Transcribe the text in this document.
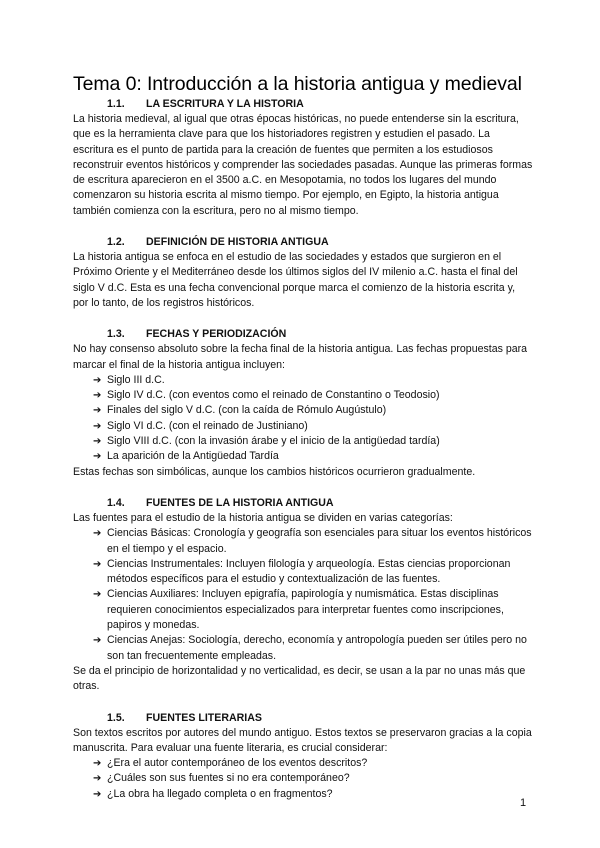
Tema 0: Introducción a la historia antigua y medieval
1.1.	LA ESCRITURA Y LA HISTORIA

La historia medieval, al igual que otras épocas históricas, no puede entenderse sin la escritura, que es la herramienta clave para que los historiadores registren y estudien el pasado. La escritura es el punto de partida para la creación de fuentes que permiten a los estudiosos reconstruir eventos históricos y comprender las sociedades pasadas. Aunque las primeras formas de escritura aparecieron en el 3500 a.C. en Mesopotamia, no todos los lugares del mundo comenzaron su historia escrita al mismo tiempo. Por ejemplo, en Egipto, la historia antigua también comienza con la escritura, pero no al mismo tiempo.

1.2.	DEFINICIÓN DE HISTORIA ANTIGUA

La historia antigua se enfoca en el estudio de las sociedades y estados que surgieron en el Próximo Oriente y el Mediterráneo desde los últimos siglos del IV milenio a.C. hasta el final del siglo V d.C. Esta es una fecha convencional porque marca el comienzo de la historia escrita y, por lo tanto, de los registros históricos.

1.3.	FECHAS Y PERIODIZACIÓN

No hay consenso absoluto sobre la fecha final de la historia antigua. Las fechas propuestas para marcar el final de la historia antigua incluyen:

➔ Siglo III d.C.
➔ Siglo IV d.C. (con eventos como el reinado de Constantino o Teodosio)
➔ Finales del siglo V d.C. (con la caída de Rómulo Augústulo)
➔ Siglo VI d.C. (con el reinado de Justiniano)
➔ Siglo VIII d.C. (con la invasión árabe y el inicio de la antigüedad tardía)
➔ La aparición de la Antigüedad Tardía

Estas fechas son simbólicas, aunque los cambios históricos ocurrieron gradualmente.

1.4.	FUENTES DE LA HISTORIA ANTIGUA

Las fuentes para el estudio de la historia antigua se dividen en varias categorías:

➔ Ciencias Básicas: Cronología y geografía son esenciales para situar los eventos históricos en el tiempo y el espacio.
➔ Ciencias Instrumentales: Incluyen filología y arqueología. Estas ciencias proporcionan métodos específicos para el estudio y contextualización de las fuentes.
➔ Ciencias Auxiliares: Incluyen epigrafía, papirología y numismática. Estas disciplinas requieren conocimientos especializados para interpretar fuentes como inscripciones, papiros y monedas.
➔ Ciencias Anejas: Sociología, derecho, economía y antropología pueden ser útiles pero no son tan frecuentemente empleadas.

Se da el principio de horizontalidad y no verticalidad, es decir, se usan a la par no unas más que otras.

1.5.	FUENTES LITERARIAS

Son textos escritos por autores del mundo antiguo. Estos textos se preservaron gracias a la copia manuscrita. Para evaluar una fuente literaria, es crucial considerar:

➔ ¿Era el autor contemporáneo de los eventos descritos?
➔ ¿Cuáles son sus fuentes si no era contemporáneo?
➔ ¿La obra ha llegado completa o en fragmentos?
1
